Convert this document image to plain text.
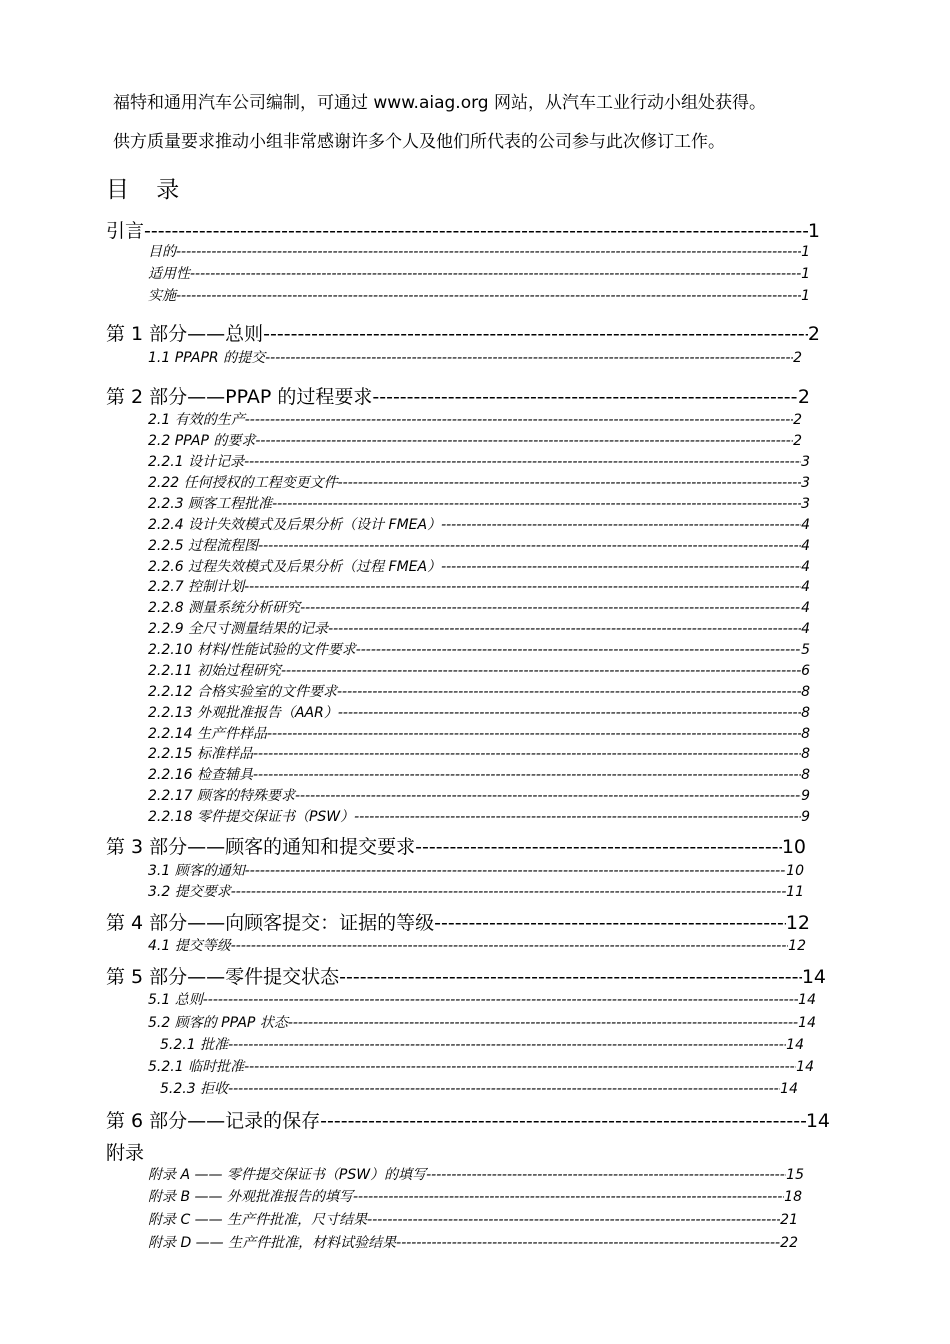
福特和通用汽车公司编制，可通过 www.aiag.org 网站，从汽车工业行动小组处获得。
供方质量要求推动小组非常感谢许多个人及他们所代表的公司参与此次修订工作。
目 录
引言 -----	1
目的 -----	1
适用性 -----	1
实施 -----	1
第 1 部分——总则 -----	2
1.1 PPAPR 的提交 -----	2
第 2 部分——PPAP 的过程要求 -----	2
2.1 有效的生产 -----	2
2.2 PPAP 的要求 -----	2
2.2.1 设计记录 -----	3
2.22 任何授权的工程变更文件 -----	3
2.2.3 顾客工程批准 -----	3
2.2.4 设计失效模式及后果分析（设计 FMEA） -----	4
2.2.5 过程流程图 -----	4
2.2.6 过程失效模式及后果分析（过程 FMEA） -----	4
2.2.7 控制计划 -----	4
2.2.8 测量系统分析研究 -----	4
2.2.9 全尺寸测量结果的记录 -----	4
2.2.10 材料/性能试验的文件要求 -----	5
2.2.11 初始过程研究 -----	6
2.2.12 合格实验室的文件要求 -----	8
2.2.13 外观批准报告（AAR） -----	8
2.2.14 生产件样品 -----	8
2.2.15 标准样品 -----	8
2.2.16 检查辅具 -----	8
2.2.17 顾客的特殊要求 -----	9
2.2.18 零件提交保证书（PSW） -----	9
第 3 部分——顾客的通知和提交要求 -----	10
3.1 顾客的通知 -----	10
3.2 提交要求 -----	11
第 4 部分——向顾客提交：证据的等级 -----	12
4.1 提交等级 -----	12
第 5 部分——零件提交状态 -----	14
5.1 总则 -----	14
5.2 顾客的 PPAP 状态 -----	14
5.2.1 批准 -----	14
5.2.1 临时批准 -----	14
5.2.3 拒收 -----	14
第 6 部分——记录的保存 -----	14
附录
附录 A —— 零件提交保证书（PSW）的填写 -----	15
附录 B —— 外观批准报告的填写 -----	18
附录 C —— 生产件批准，尺寸结果 -----	21
附录 D —— 生产件批准，材料试验结果 -----	22
